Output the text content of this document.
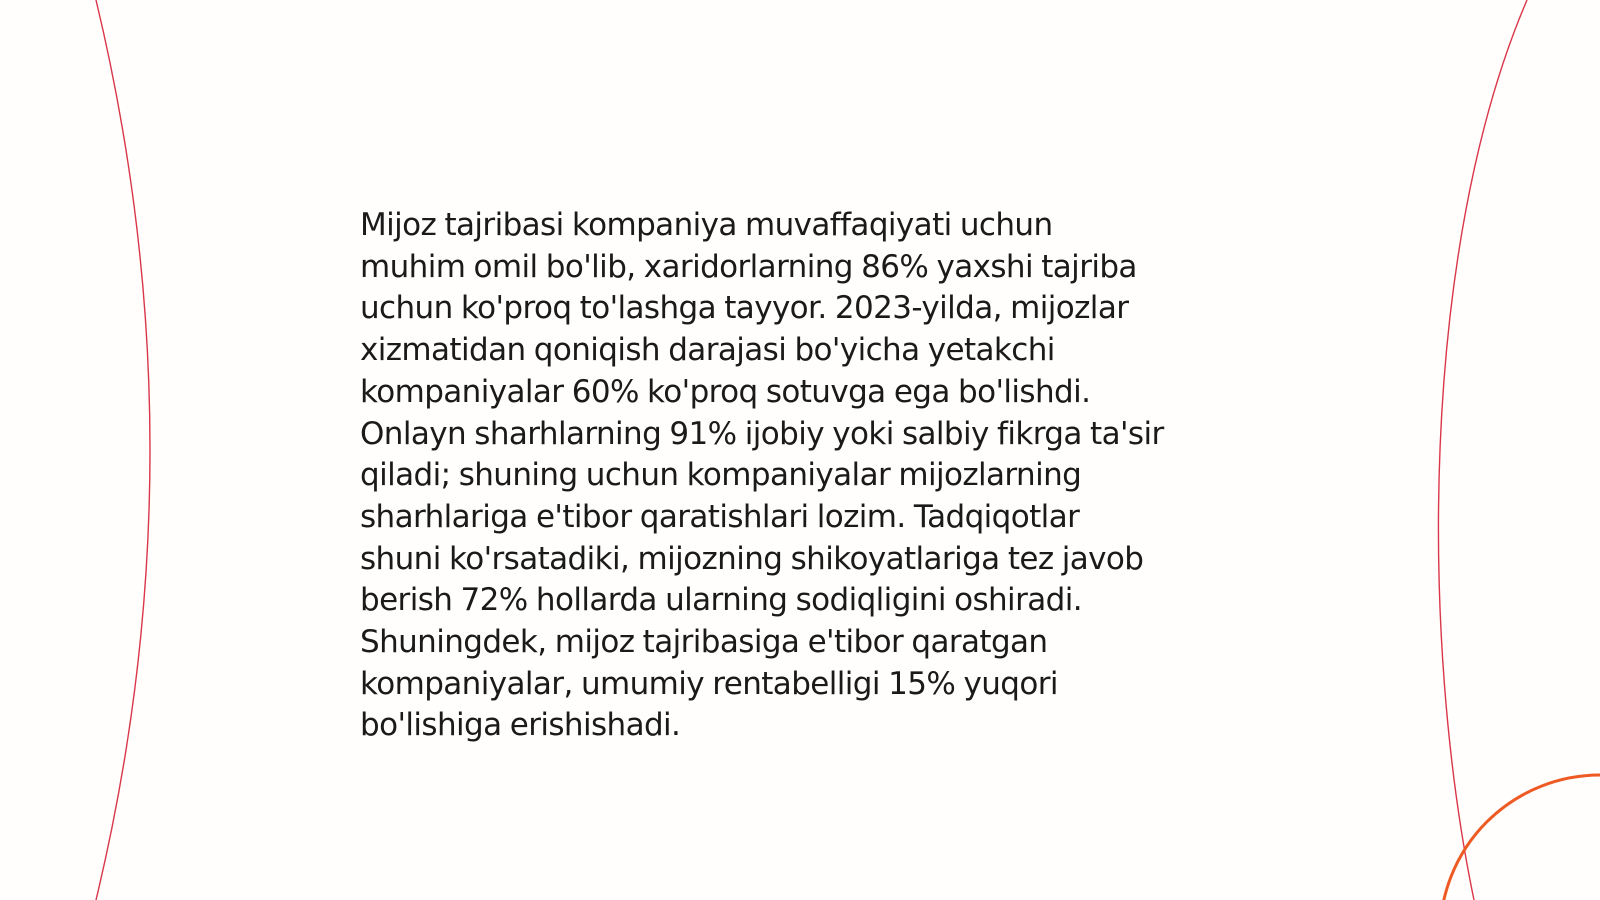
Mijoz tajribasi kompaniya muvaffaqiyati uchun
muhim omil bo'lib, xaridorlarning 86% yaxshi tajriba
uchun ko'proq to'lashga tayyor. 2023-yilda, mijozlar
xizmatidan qoniqish darajasi bo'yicha yetakchi
kompaniyalar 60% ko'proq sotuvga ega bo'lishdi.
Onlayn sharhlarning 91% ijobiy yoki salbiy fikrga ta'sir
qiladi; shuning uchun kompaniyalar mijozlarning
sharhlariga e'tibor qaratishlari lozim. Tadqiqotlar
shuni ko'rsatadiki, mijozning shikoyatlariga tez javob
berish 72% hollarda ularning sodiqligini oshiradi.
Shuningdek, mijoz tajribasiga e'tibor qaratgan
kompaniyalar, umumiy rentabelligi 15% yuqori
bo'lishiga erishishadi.
